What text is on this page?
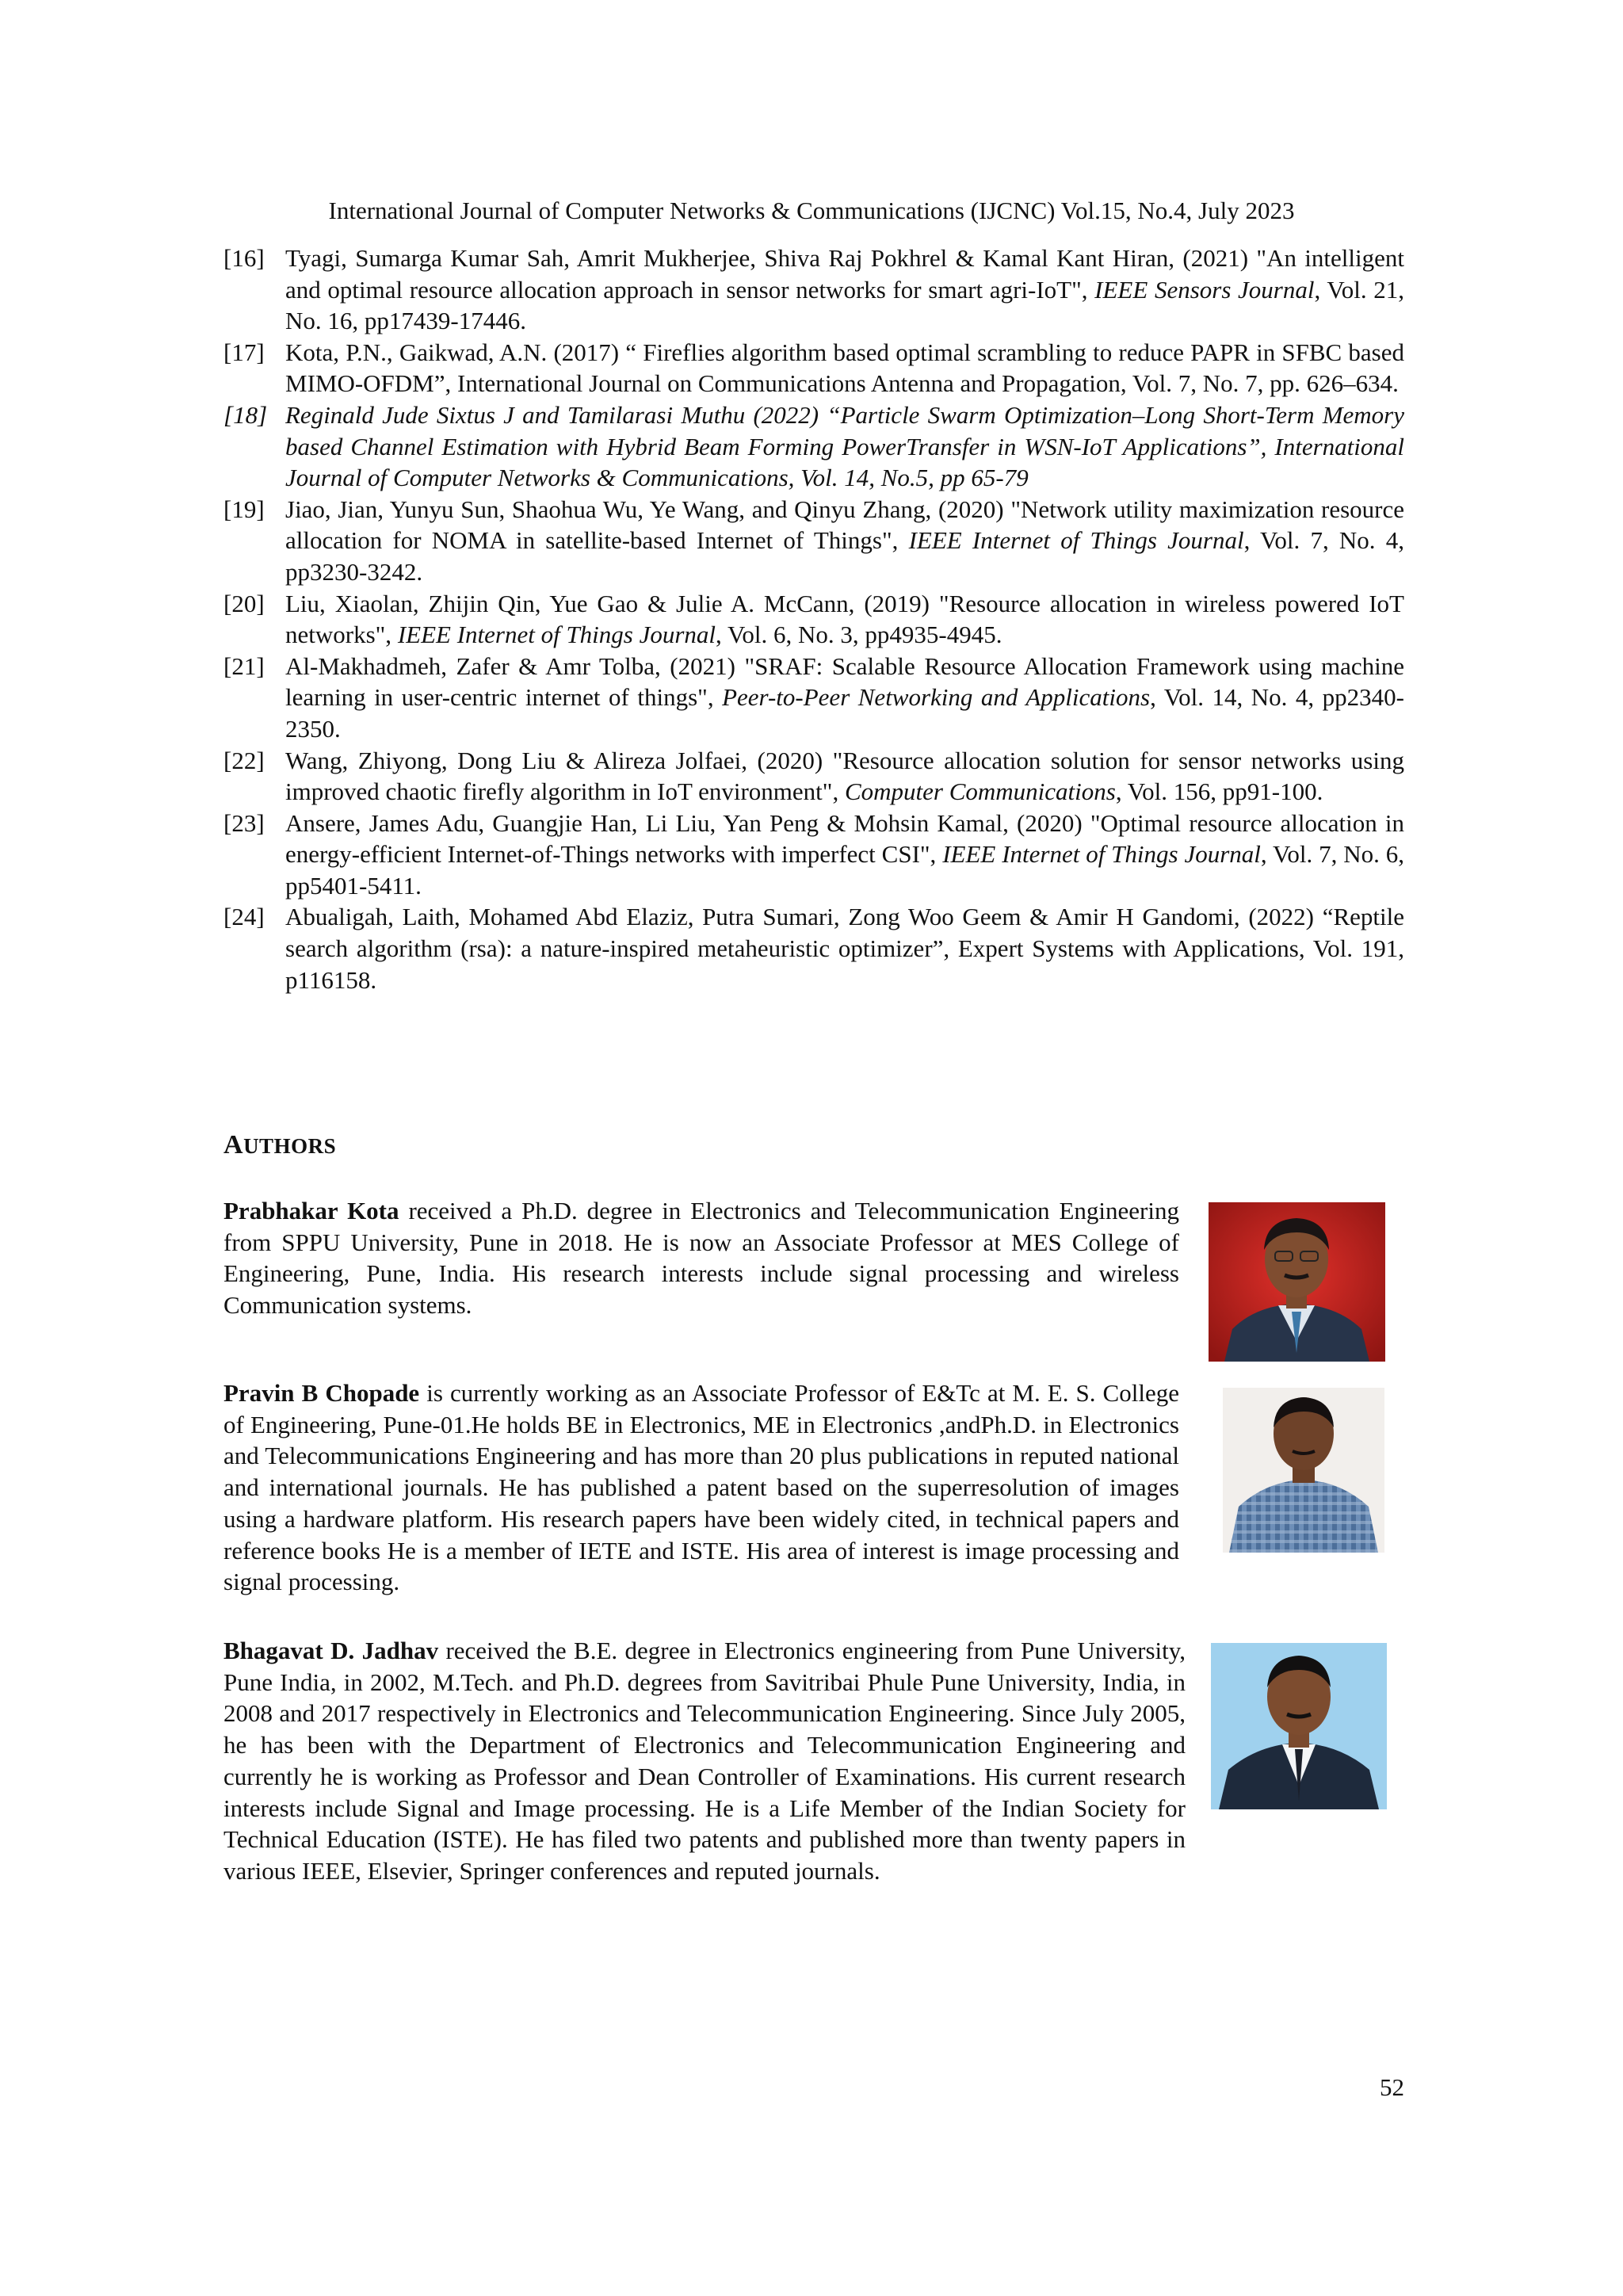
International Journal of Computer Networks & Communications (IJCNC) Vol.15, No.4, July 2023

[16] Tyagi, Sumarga Kumar Sah, Amrit Mukherjee, Shiva Raj Pokhrel & Kamal Kant Hiran, (2021) "An intelligent and optimal resource allocation approach in sensor networks for smart agri-IoT", IEEE Sensors Journal, Vol. 21, No. 16, pp17439-17446.

[17] Kota, P.N., Gaikwad, A.N. (2017) “ Fireflies algorithm based optimal scrambling to reduce PAPR in SFBC based MIMO-OFDM”, International Journal on Communications Antenna and Propagation, Vol. 7, No. 7, pp. 626–634.

[18] Reginald Jude Sixtus J and Tamilarasi Muthu (2022) “Particle Swarm Optimization–Long Short-Term Memory based Channel Estimation with Hybrid Beam Forming PowerTransfer in WSN-IoT Applications”, International Journal of Computer Networks & Communications, Vol. 14, No.5, pp 65-79

[19] Jiao, Jian, Yunyu Sun, Shaohua Wu, Ye Wang, and Qinyu Zhang, (2020) "Network utility maximization resource allocation for NOMA in satellite-based Internet of Things", IEEE Internet of Things Journal, Vol. 7, No. 4, pp3230-3242.

[20] Liu, Xiaolan, Zhijin Qin, Yue Gao & Julie A. McCann, (2019) "Resource allocation in wireless powered IoT networks", IEEE Internet of Things Journal, Vol. 6, No. 3, pp4935-4945.

[21] Al-Makhadmeh, Zafer & Amr Tolba, (2021) "SRAF: Scalable Resource Allocation Framework using machine learning in user-centric internet of things", Peer-to-Peer Networking and Applications, Vol. 14, No. 4, pp2340-2350.

[22] Wang, Zhiyong, Dong Liu & Alireza Jolfaei, (2020) "Resource allocation solution for sensor networks using improved chaotic firefly algorithm in IoT environment", Computer Communications, Vol. 156, pp91-100.

[23] Ansere, James Adu, Guangjie Han, Li Liu, Yan Peng & Mohsin Kamal, (2020) "Optimal resource allocation in energy-efficient Internet-of-Things networks with imperfect CSI", IEEE Internet of Things Journal, Vol. 7, No. 6, pp5401-5411.

[24] Abualigah, Laith, Mohamed Abd Elaziz, Putra Sumari, Zong Woo Geem & Amir H Gandomi, (2022) “Reptile search algorithm (rsa): a nature-inspired metaheuristic optimizer”, Expert Systems with Applications, Vol. 191, p116158.

AUTHORS

Prabhakar Kota received a Ph.D. degree in Electronics and Telecommunication Engineering from SPPU University, Pune in 2018. He is now an Associate Professor at MES College of Engineering, Pune, India. His research interests include signal processing and wireless Communication systems.

Pravin B Chopade is currently working as an Associate Professor of E&Tc at M. E. S. College of Engineering, Pune-01.He holds BE in Electronics, ME in Electronics ,andPh.D. in Electronics and Telecommunications Engineering and has more than 20 plus publications in reputed national and international journals. He has published a patent based on the superresolution of images using a hardware platform. His research papers have been widely cited, in technical papers and reference books He is a member of IETE and ISTE. His area of interest is image processing and signal processing.

Bhagavat D. Jadhav received the B.E. degree in Electronics engineering from Pune University, Pune India, in 2002, M.Tech. and Ph.D. degrees from Savitribai Phule Pune University, India, in 2008 and 2017 respectively in Electronics and Telecommunication Engineering. Since July 2005, he has been with the Department of Electronics and Telecommunication Engineering and currently he is working as Professor and Dean Controller of Examinations. His current research interests include Signal and Image processing. He is a Life Member of the Indian Society for Technical Education (ISTE). He has filed two patents and published more than twenty papers in various IEEE, Elsevier, Springer conferences and reputed journals.

52
